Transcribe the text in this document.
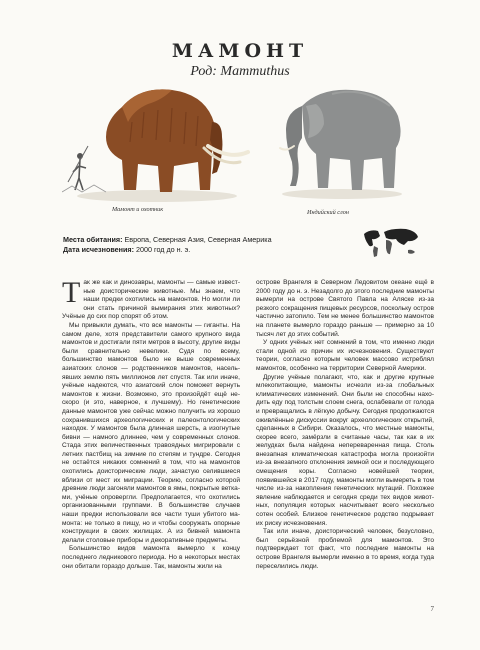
МАМОНТ
Род: Mammuthus
Мамонт и охотник	Индийский слон
Места обитания: Европа, Северная Азия, Северная Америка
Дата исчезновения: 2000 год до н. э.

Так же как и динозавры, мамонты — самые известные доисторические животные. Мы знаем, что наши предки охотились на мамонтов. Но могли ли они стать причиной вымирания этих животных? Учёные до сих пор спорят об этом.

Мы привыкли думать, что все мамонты — гиганты. На самом деле, хотя представители самого крупного вида мамонтов и достигали пяти метров в высоту, другие виды были сравнительно невелики. Судя по всему, большинство мамонтов было не выше современных азиатских слонов — родственников мамонтов, насельявших землю пять миллионов лет спустя. Так или иначе, учёные надеются, что азиатский слон поможет вернуть мамонтов к жизни. Возможно, это произойдёт ещё нескоро (и это, наверное, к лучшему). Но генетические данные мамонтов уже сейчас можно получить из хорошо сохранившихся археологических и палеонтологических находок. У мамонтов была длинная шерсть, а изогнутые бивни — намного длиннее, чем у современных слонов. Стада этих величественных травоядных мигрировали с летних пастбищ на зимние по степям и тундре. Сегодня не остаётся никаких сомнений в том, что на мамонтов охотились доисторические люди, зачастую селившиеся вблизи от мест их миграции. Теорию, согласно которой древние люди загоняли мамонтов в ямы, покрытые ветками, учёные опровергли. Предполагается, что охотились организованными группами. В большинстве случаев наши предки использовали все части туши убитого мамонта: не только в пищу, но и чтобы сооружать опорные конструкции в своих жилищах. А из бивней мамонта делали столовые приборы и декоративные предметы.

Большинство видов мамонта вымерло к концу последнего ледникового периода. Но в некоторых местах они обитали гораздо дольше. Так, мамонты жили на

острове Врангеля в Северном Ледовитом океане ещё в 2000 году до н. э. Незадолго до этого последние мамонты вымерли на острове Святого Павла на Аляске из-за резкого сокращения пищевых ресурсов, поскольку остров частично затопило. Тем не менее большинство мамонтов на планете вымерло гораздо раньше — примерно за 10 тысяч лет до этих событий.

У одних учёных нет сомнений в том, что именно люди стали одной из причин их исчезновения. Существуют теории, согласно которым человек массово истреблял мамонтов, особенно на территории Северной Америки.

Другие учёные полагают, что, как и другие крупные млекопитающие, мамонты исчезли из-за глобальных климатических изменений. Они были не способны находить еду под толстым слоем снега, ослабевали от голода и превращались в лёгкую добычу. Сегодня продолжаются оживлённые дискуссии вокруг археологических открытий, сделанных в Сибири. Оказалось, что местные мамонты, скорее всего, замёрзли в считаные часы, так как в их желудках была найдена непереваренная пища. Столь внезапная климатическая катастрофа могла произойти из-за внезапного отклонения земной оси и последующего смещения коры. Согласно новейшей теории, появившейся в 2017 году, мамонты могли вымереть в том числе из-за накопления генетических мутаций. Похожее явление наблюдается и сегодня среди тех видов животных, популяция которых насчитывает всего несколько сотен особей. Близкое генетическое родство подрывает их риску исчезновения.

Так или иначе, доисторический человек, безусловно, был серьёзной проблемой для мамонтов. Это подтверждает тот факт, что последние мамонты на острове Врангеля вымерли именно в то время, когда туда переселились люди.

7
